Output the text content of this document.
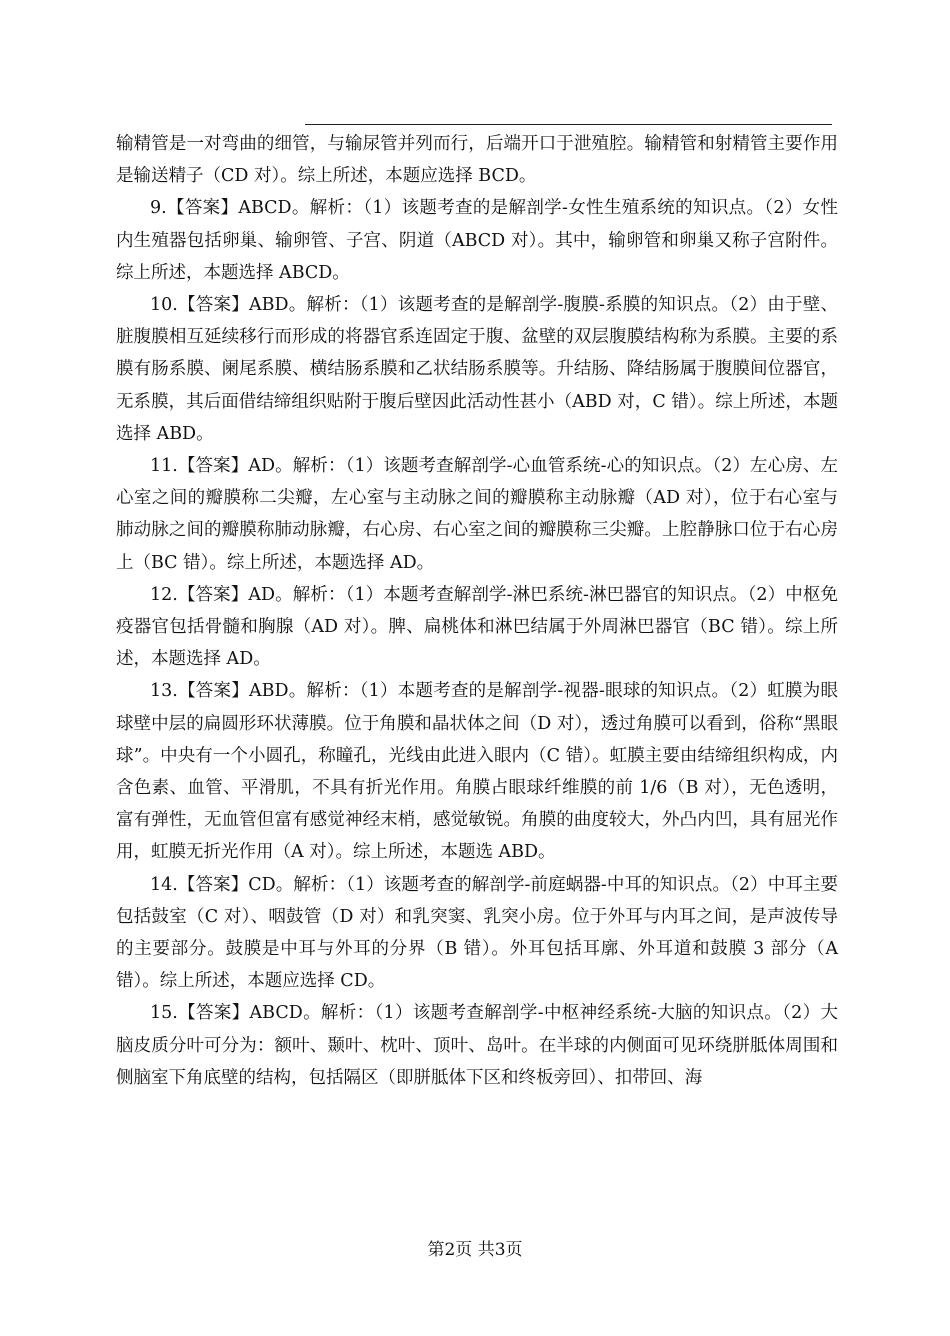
输精管是一对弯曲的细管，与输尿管并列而行，后端开口于泄殖腔。输精管和射精管主要作用是输送精子（CD 对）。综上所述，本题应选择 BCD。

9.【答案】ABCD。解析：（1）该题考查的是解剖学-女性生殖系统的知识点。（2）女性内生殖器包括卵巢、输卵管、子宫、阴道（ABCD 对）。其中，输卵管和卵巢又称子宫附件。综上所述，本题选择 ABCD。

10.【答案】ABD。解析：（1）该题考查的是解剖学-腹膜-系膜的知识点。（2）由于壁、脏腹膜相互延续移行而形成的将器官系连固定于腹、盆壁的双层腹膜结构称为系膜。主要的系膜有肠系膜、阑尾系膜、横结肠系膜和乙状结肠系膜等。升结肠、降结肠属于腹膜间位器官，无系膜，其后面借结缔组织贴附于腹后壁因此活动性甚小（ABD 对，C 错）。综上所述，本题选择 ABD。

11.【答案】AD。解析：（1）该题考查解剖学-心血管系统-心的知识点。（2）左心房、左心室之间的瓣膜称二尖瓣，左心室与主动脉之间的瓣膜称主动脉瓣（AD 对），位于右心室与肺动脉之间的瓣膜称肺动脉瓣，右心房、右心室之间的瓣膜称三尖瓣。上腔静脉口位于右心房上（BC 错）。综上所述，本题选择 AD。

12.【答案】AD。解析：（1）本题考查解剖学-淋巴系统-淋巴器官的知识点。（2）中枢免疫器官包括骨髓和胸腺（AD 对）。脾、扁桃体和淋巴结属于外周淋巴器官（BC 错）。综上所述，本题选择 AD。

13.【答案】ABD。解析：（1）本题考查的是解剖学-视器-眼球的知识点。（2）虹膜为眼球壁中层的扁圆形环状薄膜。位于角膜和晶状体之间（D 对），透过角膜可以看到，俗称“黑眼球”。中央有一个小圆孔，称瞳孔，光线由此进入眼内（C 错）。虹膜主要由结缔组织构成，内含色素、血管、平滑肌，不具有折光作用。角膜占眼球纤维膜的前 1/6（B 对），无色透明，富有弹性，无血管但富有感觉神经末梢，感觉敏锐。角膜的曲度较大，外凸内凹，具有屈光作用，虹膜无折光作用（A 对）。综上所述，本题选 ABD。

14.【答案】CD。解析：（1）该题考查的解剖学-前庭蜗器-中耳的知识点。（2）中耳主要包括鼓室（C 对）、咽鼓管（D 对）和乳突窦、乳突小房。位于外耳与内耳之间，是声波传导的主要部分。鼓膜是中耳与外耳的分界（B 错）。外耳包括耳廓、外耳道和鼓膜 3 部分（A 错）。综上所述，本题应选择 CD。

15.【答案】ABCD。解析：（1）该题考查解剖学-中枢神经系统-大脑的知识点。（2）大脑皮质分叶可分为：额叶、颞叶、枕叶、顶叶、岛叶。在半球的内侧面可见环绕胼胝体周围和侧脑室下角底壁的结构，包括隔区（即胼胝体下区和终板旁回）、扣带回、海

第2页 共3页
